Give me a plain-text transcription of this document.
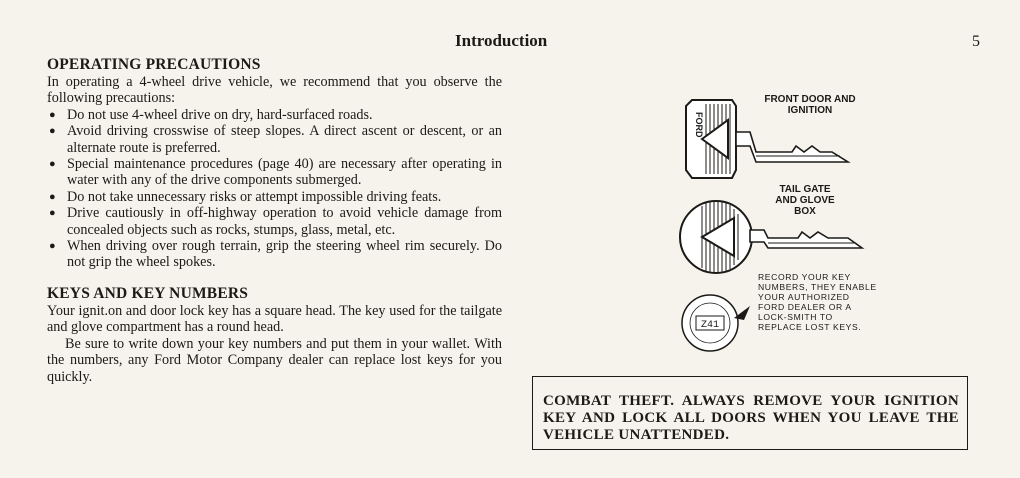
Introduction	5
OPERATING PRECAUTIONS

In operating a 4-wheel drive vehicle, we recommend that you observe the following precautions:

● Do not use 4-wheel drive on dry, hard-surfaced roads.
● Avoid driving crosswise of steep slopes. A direct ascent or descent, or an alternate route is preferred.
● Special maintenance procedures (page 40) are necessary after operating in water with any of the drive components submerged.
● Do not take unnecessary risks or attempt impossible driving feats.
● Drive cautiously in off-highway operation to avoid vehicle damage from concealed objects such as rocks, stumps, glass, metal, etc.
● When driving over rough terrain, grip the steering wheel rim securely. Do not grip the wheel spokes.
KEYS AND KEY NUMBERS

Your ignit.on and door lock key has a square head. The key used for the tailgate and glove compartment has a round head.

Be sure to write down your key numbers and put them in your wallet. With the numbers, any Ford Motor Company dealer can replace lost keys for you quickly.

FORD
FRONT DOOR AND IGNITION
TAIL GATE AND GLOVE BOX
Z41
RECORD YOUR KEY NUMBERS, THEY ENABLE YOUR AUTHORIZED FORD DEALER OR A LOCK-SMITH TO REPLACE LOST KEYS.

COMBAT THEFT. ALWAYS REMOVE YOUR IGNITION KEY AND LOCK ALL DOORS WHEN YOU LEAVE THE VEHICLE UNATTENDED.
